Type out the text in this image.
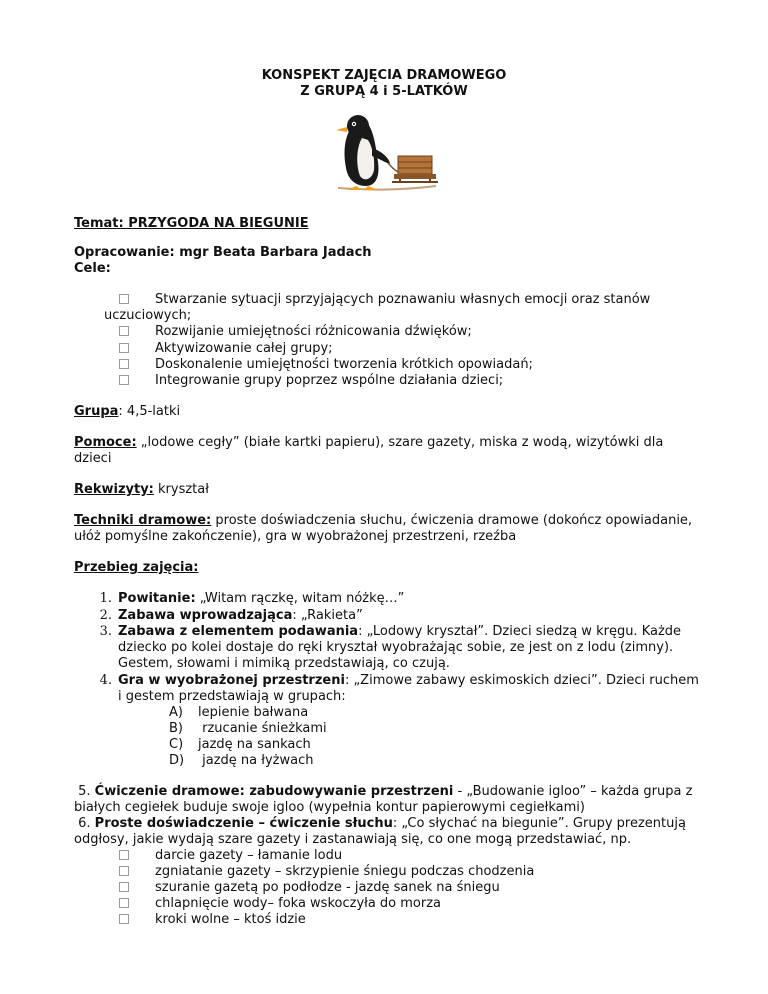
KONSPEKT ZAJĘCIA DRAMOWEGO
Z GRUPĄ 4 i 5-LATKÓW
Temat: PRZYGODA NA BIEGUNIE
Opracowanie: mgr Beata Barbara Jadach
Cele:
Stwarzanie sytuacji sprzyjających poznawaniu własnych emocji oraz stanów
uczuciowych;
Rozwijanie umiejętności różnicowania dźwięków;
Aktywizowanie całej grupy;
Doskonalenie umiejętności tworzenia krótkich opowiadań;
Integrowanie grupy poprzez wspólne działania dzieci;
Grupa: 4,5-latki
Pomoce: „lodowe cegły” (białe kartki papieru), szare gazety, miska z wodą, wizytówki dla
dzieci
Rekwizyty: kryształ
Techniki dramowe: proste doświadczenia słuchu, ćwiczenia dramowe (dokończ opowiadanie,
ułóż pomyślne zakończenie), gra w wyobrażonej przestrzeni, rzeźba
Przebieg zajęcia:
1. Powitanie: „Witam rączkę, witam nóżkę…”
2. Zabawa wprowadzająca: „Rakieta”
3. Zabawa z elementem podawania: „Lodowy kryształ”. Dzieci siedzą w kręgu. Każde
dziecko po kolei dostaje do ręki kryształ wyobrażając sobie, ze jest on z lodu (zimny).
Gestem, słowami i mimiką przedstawiają, co czują.
4. Gra w wyobrażonej przestrzeni: „Zimowe zabawy eskimoskich dzieci”. Dzieci ruchem
i gestem przedstawiają w grupach:
A) lepienie bałwana
B) rzucanie śnieżkami
C) jazdę na sankach
D) jazdę na łyżwach
5. Ćwiczenie dramowe: zabudowywanie przestrzeni - „Budowanie igloo” – każda grupa z
białych cegiełek buduje swoje igloo (wypełnia kontur papierowymi cegiełkami)
6. Proste doświadczenie – ćwiczenie słuchu: „Co słychać na biegunie”. Grupy prezentują
odgłosy, jakie wydają szare gazety i zastanawiają się, co one mogą przedstawiać, np.
darcie gazety – łamanie lodu
zgniatanie gazety – skrzypienie śniegu podczas chodzenia
szuranie gazetą po podłodze - jazdę sanek na śniegu
chlapnięcie wody– foka wskoczyła do morza
kroki wolne – ktoś idzie
